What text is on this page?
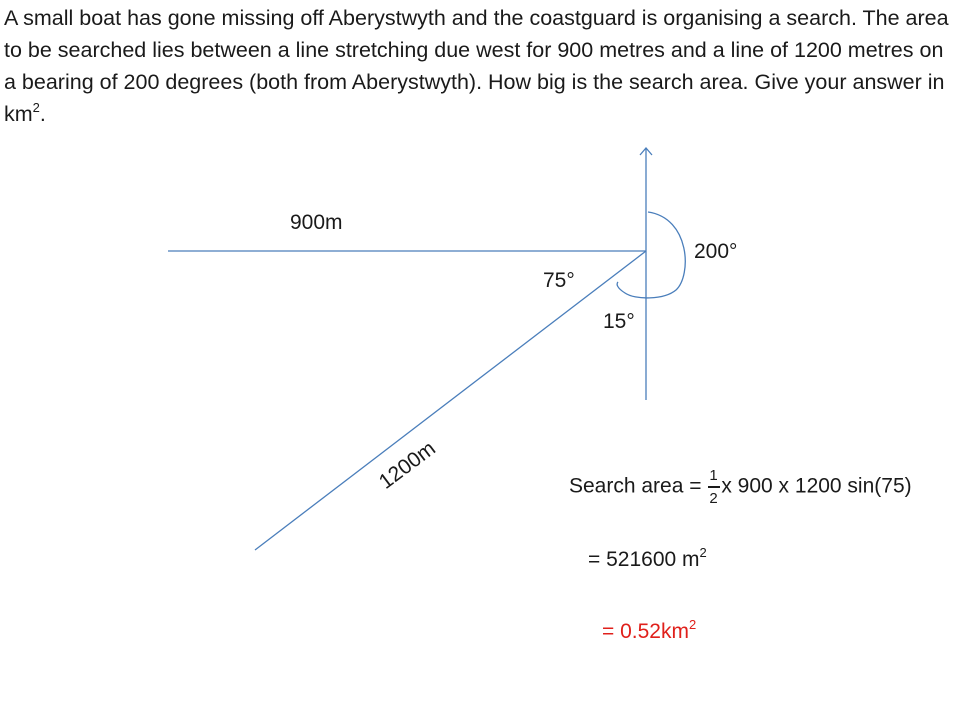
A small boat has gone missing off Aberystwyth and the coastguard is organising a search. The area to be searched lies between a line stretching due west for 900 metres and a line of 1200 metres on a bearing of 200 degrees (both from Aberystwyth). How big is the search area. Give your answer in $km^2$.

900m
75°
15°
200°
1200m	Search area = $\frac{1}{2}$ x 900 x 1200 sin(75)
= 521600 $m^2$
= $0.52km^2$
